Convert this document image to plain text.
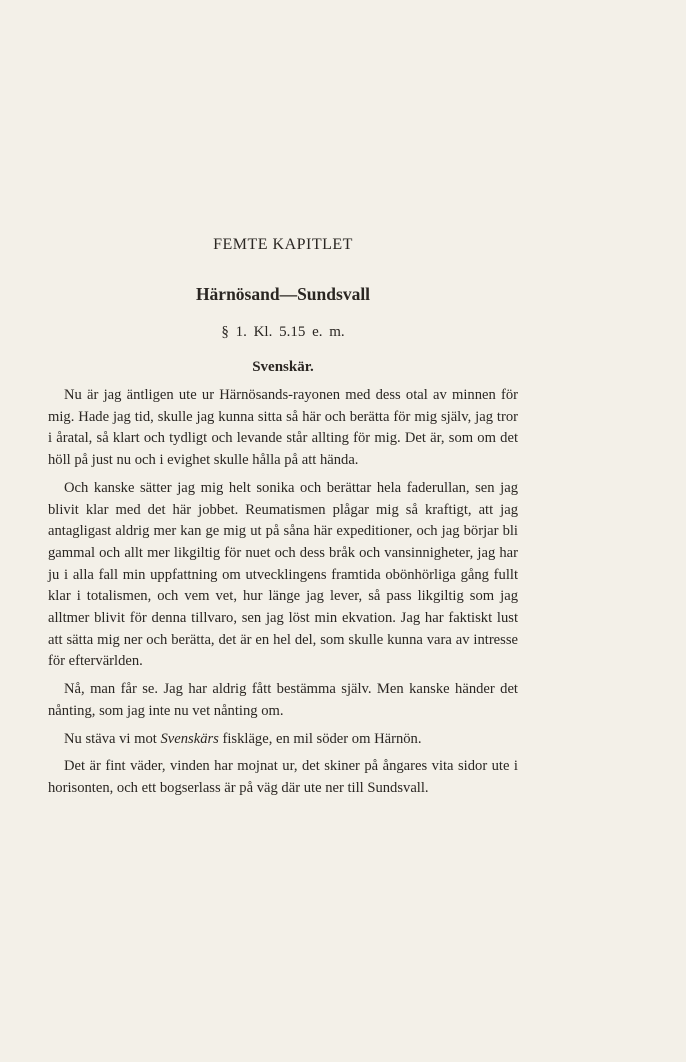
FEMTE KAPITLET
Härnösand—Sundsvall
§ 1. Kl. 5.15 e. m.
Svenskär.

Nu är jag äntligen ute ur Härnösands-rayonen med dess otal av minnen för mig. Hade jag tid, skulle jag kunna sitta så här och berätta för mig själv, jag tror i åratal, så klart och tydligt och levande står allting för mig. Det är, som om det höll på just nu och i evighet skulle hålla på att hända.

Och kanske sätter jag mig helt sonika och berättar hela faderullan, sen jag blivit klar med det här jobbet. Reumatismen plågar mig så kraftigt, att jag antagligast aldrig mer kan ge mig ut på såna här expeditioner, och jag börjar bli gammal och allt mer likgiltig för nuet och dess bråk och vansinnigheter, jag har ju i alla fall min uppfattning om utvecklingens framtida obönhörliga gång fullt klar i totalismen, och vem vet, hur länge jag lever, så pass likgiltig som jag alltmer blivit för denna tillvaro, sen jag löst min ekvation. Jag har faktiskt lust att sätta mig ner och berätta, det är en hel del, som skulle kunna vara av intresse för eftervärlden.

Nå, man får se. Jag har aldrig fått bestämma själv. Men kanske händer det nånting, som jag inte nu vet nånting om.

Nu stäva vi mot Svenskärs fiskläge, en mil söder om Härnön.

Det är fint väder, vinden har mojnat ur, det skiner på ångares vita sidor ute i horisonten, och ett bogserlass är på väg där ute ner till Sundsvall.
